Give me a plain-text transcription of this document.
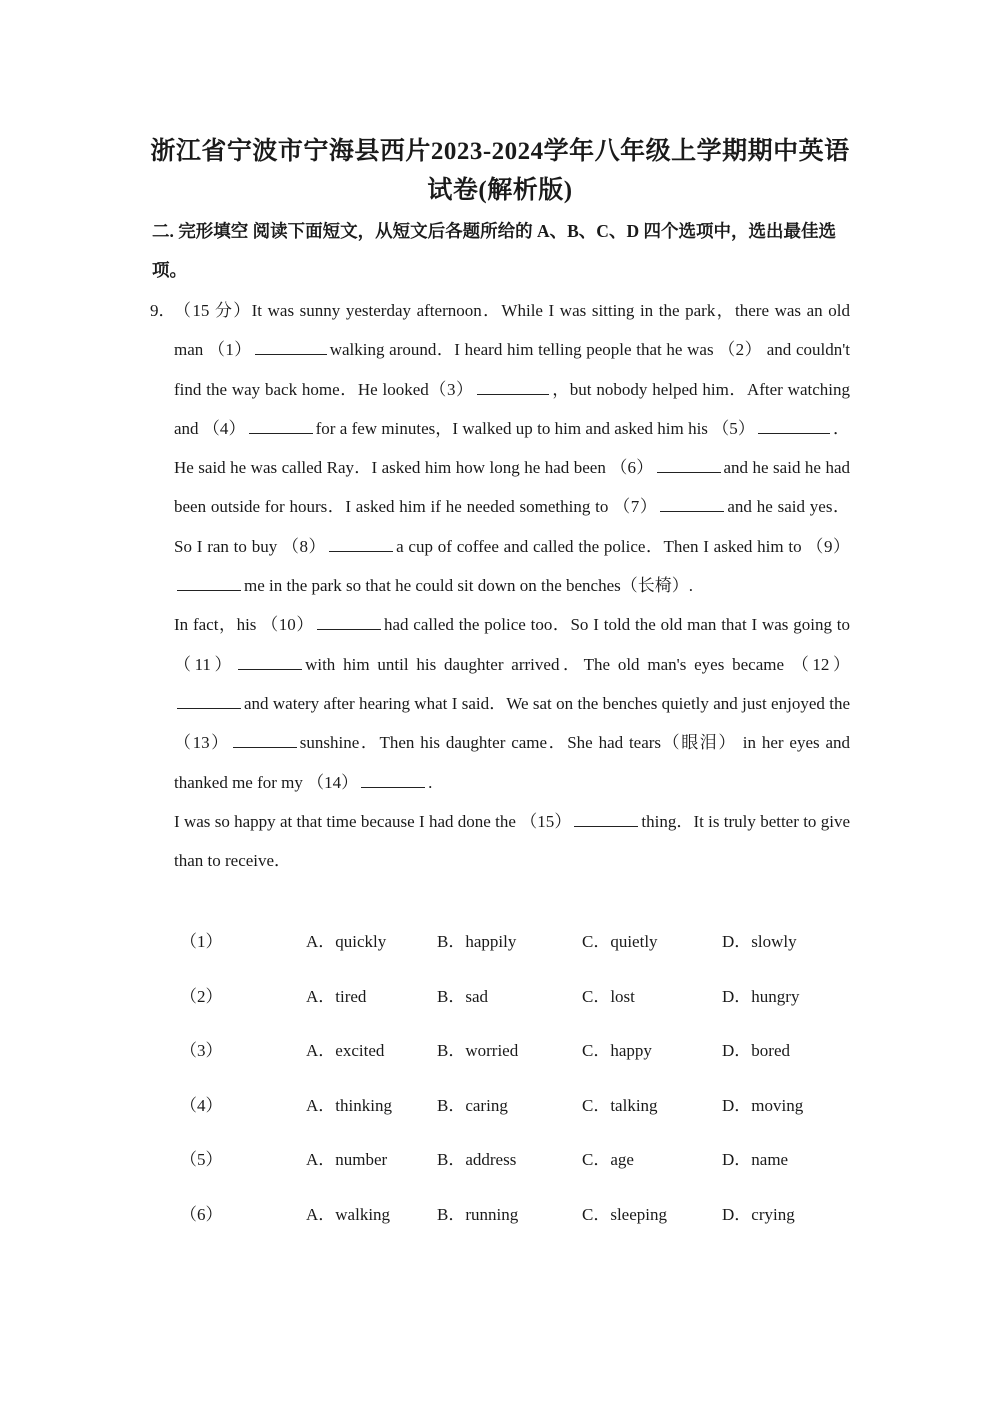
浙江省宁波市宁海县西片2023-2024学年八年级上学期期中英语试卷(解析版)
二. 完形填空 阅读下面短文，从短文后各题所给的 A、B、C、D 四个选项中，选出最佳选项。
9．

（15 分）It was sunny yesterday afternoon．While I was sitting in the park，there was an old man （1）	walking around．I heard him telling people that he was （2） and couldn't find the way back home．He looked（3）	，but nobody helped him．After watching and （4）	for a few minutes，I walked up to him and asked him his （5）	．He said he was called Ray．I asked him how long he had been （6）	and he said he had been outside for hours．I asked him if he needed something to （7）	and he said yes．So I ran to buy （8）	a cup of coffee and called the police．Then I asked him to （9）me in the park so that he could sit down on the benches（长椅）.

In fact，his （10）	had called the police too．So I told the old man that I was going to（11）	with him until his daughter arrived．The old man's eyes became （12）and watery after hearing what I said．We sat on the benches quietly and just enjoyed the （13）	sunshine．Then his daughter came．She had tears（眼泪） in her eyes and thanked me for my （14）	.

I was so happy at that time because I had done the （15）	thing．It is truly better to give than to receive．

（1）	A．quickly	B．happily	C．quietly	D．slowly
（2）	A．tired	B．sad	C．lost	D．hungry
（3）	A．excited	B．worried	C．happy	D．bored
（4）	A．thinking	B．caring	C．talking	D．moving
（5）	A．number	B．address	C．age	D．name
（6）	A．walking	B．running	C．sleeping	D．crying
